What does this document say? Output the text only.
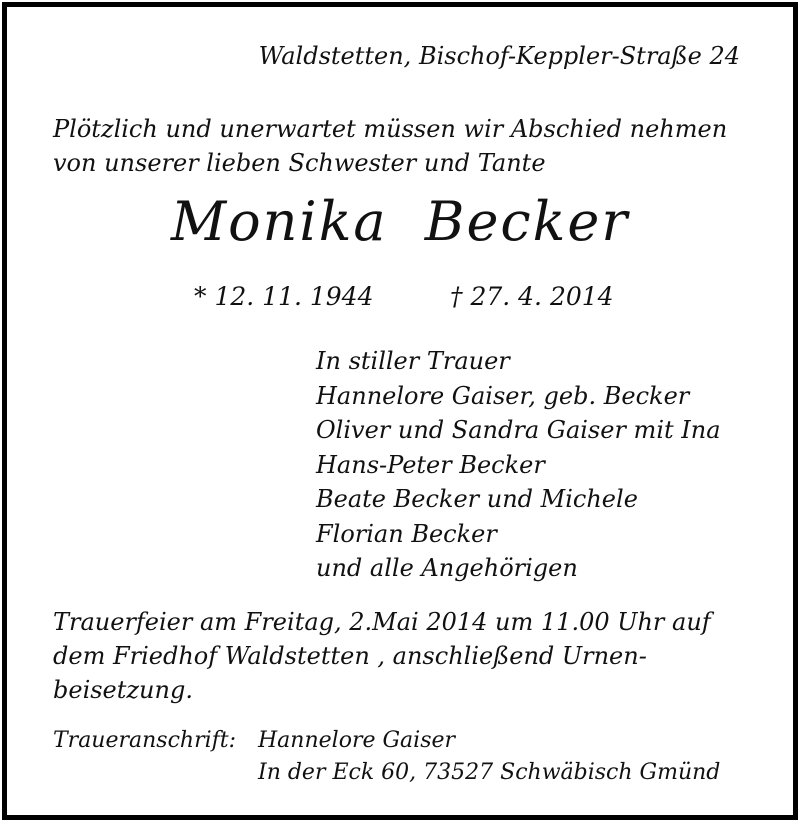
Waldstetten, Bischof-Keppler-Straße 24

Plötzlich und unerwartet müssen wir Abschied nehmen
von unserer lieben Schwester und Tante
Monika Becker

* 12. 11. 1944	† 27. 4. 2014

In stiller Trauer
Hannelore Gaiser, geb. Becker
Oliver und Sandra Gaiser mit Ina
Hans-Peter Becker
Beate Becker und Michele
Florian Becker
und alle Angehörigen
Trauerfeier am Freitag, 2.Mai 2014 um 11.00 Uhr auf
dem Friedhof Waldstetten , anschließend Urnen-
beisetzung.

Traueranschrift: Hannelore Gaiser

In der Eck 60, 73527 Schwäbisch Gmünd
